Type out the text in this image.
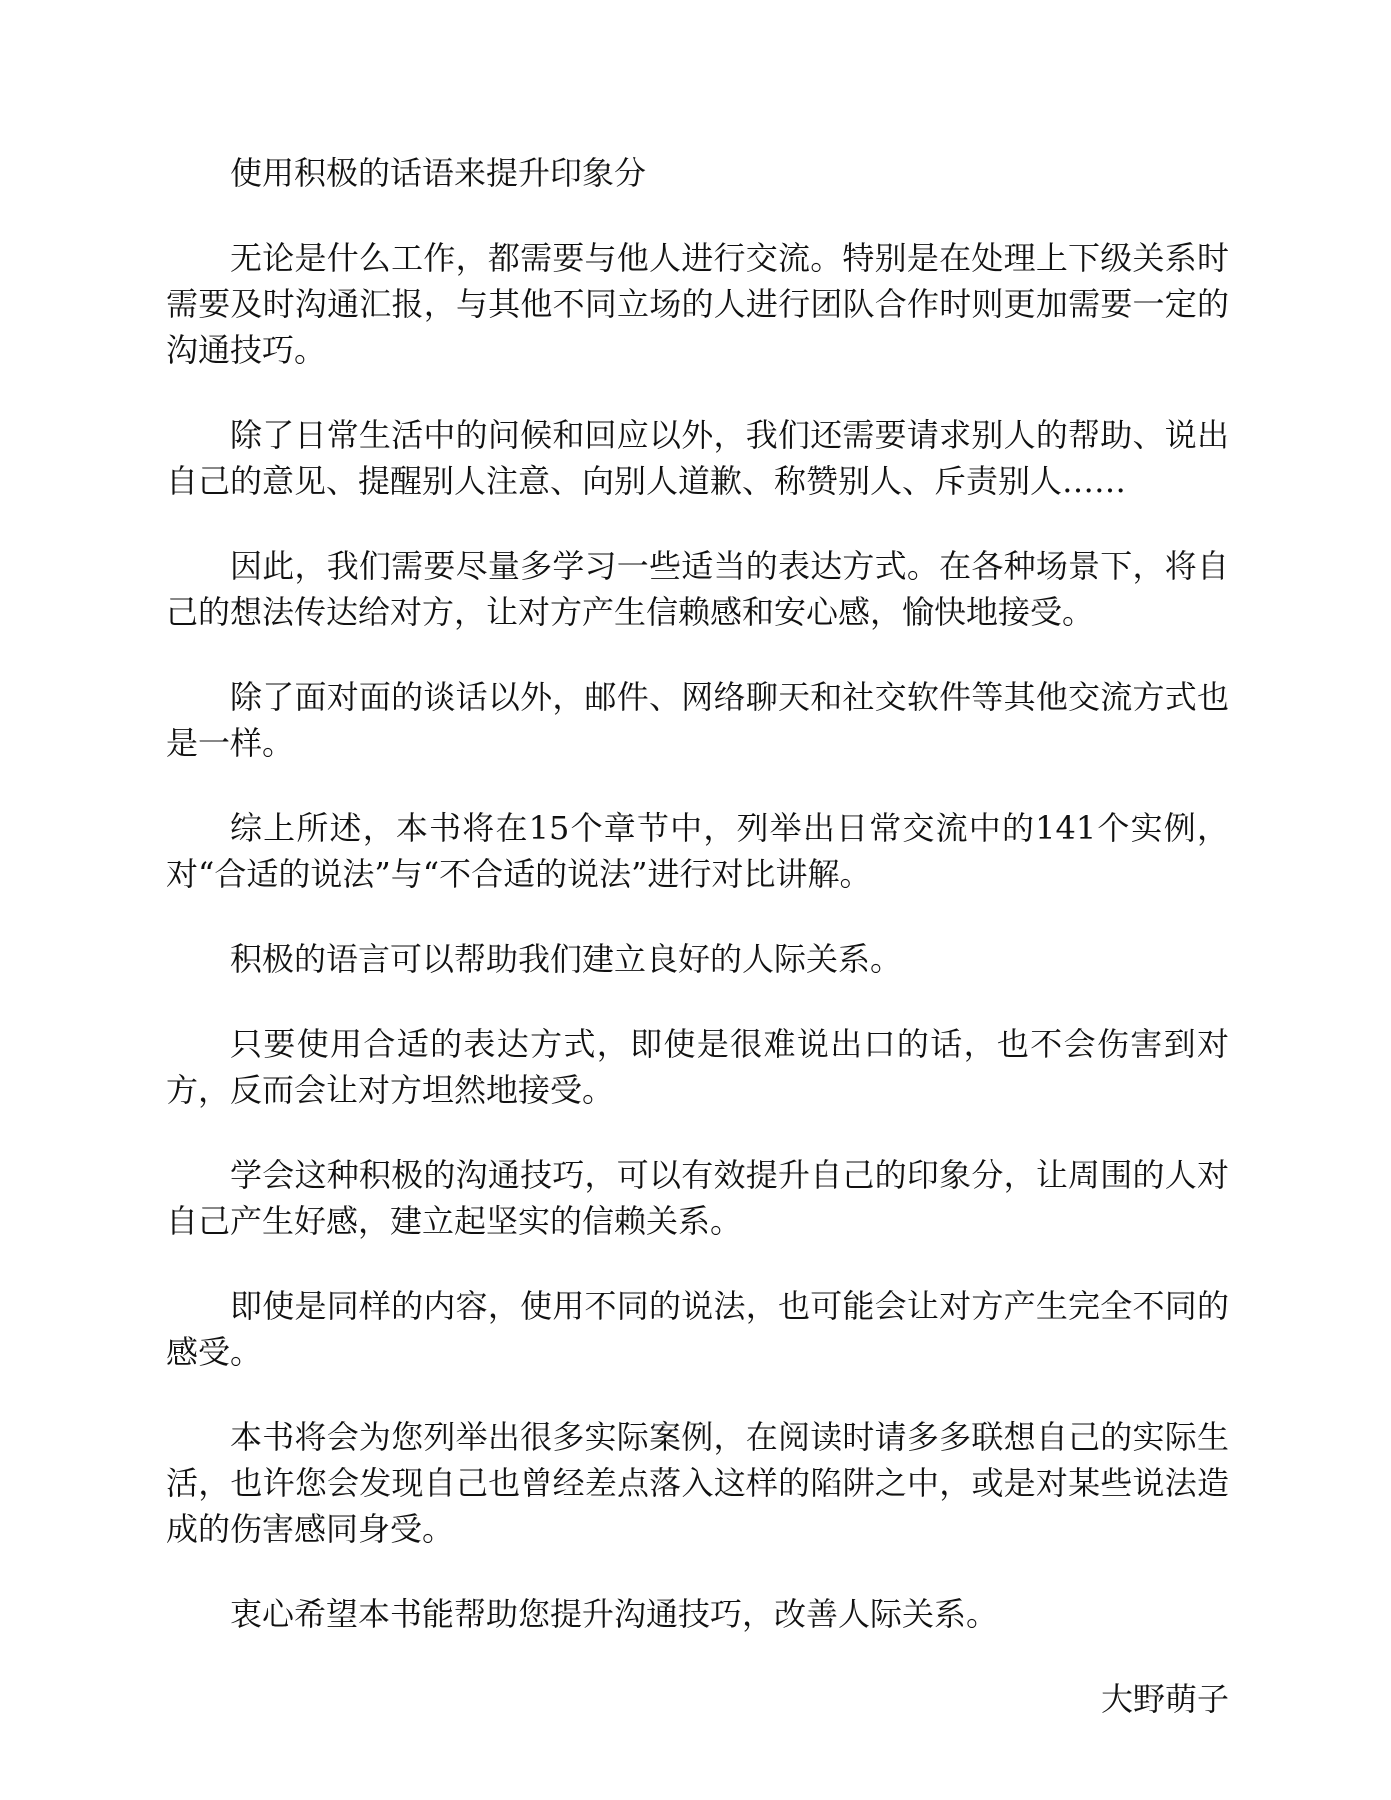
使用积极的话语来提升印象分

无论是什么工作，都需要与他人进行交流。特别是在处理上下级关系时需要及时沟通汇报，与其他不同立场的人进行团队合作时则更加需要一定的沟通技巧。

除了日常生活中的问候和回应以外，我们还需要请求别人的帮助、说出自己的意见、提醒别人注意、向别人道歉、称赞别人、斥责别人……

因此，我们需要尽量多学习一些适当的表达方式。在各种场景下，将自己的想法传达给对方，让对方产生信赖感和安心感，愉快地接受。

除了面对面的谈话以外，邮件、网络聊天和社交软件等其他交流方式也是一样。

综上所述，本书将在15个章节中，列举出日常交流中的141个实例，对“合适的说法”与“不合适的说法”进行对比讲解。

积极的语言可以帮助我们建立良好的人际关系。

只要使用合适的表达方式，即使是很难说出口的话，也不会伤害到对方，反而会让对方坦然地接受。

学会这种积极的沟通技巧，可以有效提升自己的印象分，让周围的人对自己产生好感，建立起坚实的信赖关系。

即使是同样的内容，使用不同的说法，也可能会让对方产生完全不同的感受。

本书将会为您列举出很多实际案例，在阅读时请多多联想自己的实际生活，也许您会发现自己也曾经差点落入这样的陷阱之中，或是对某些说法造成的伤害感同身受。

衷心希望本书能帮助您提升沟通技巧，改善人际关系。

大野萌子
